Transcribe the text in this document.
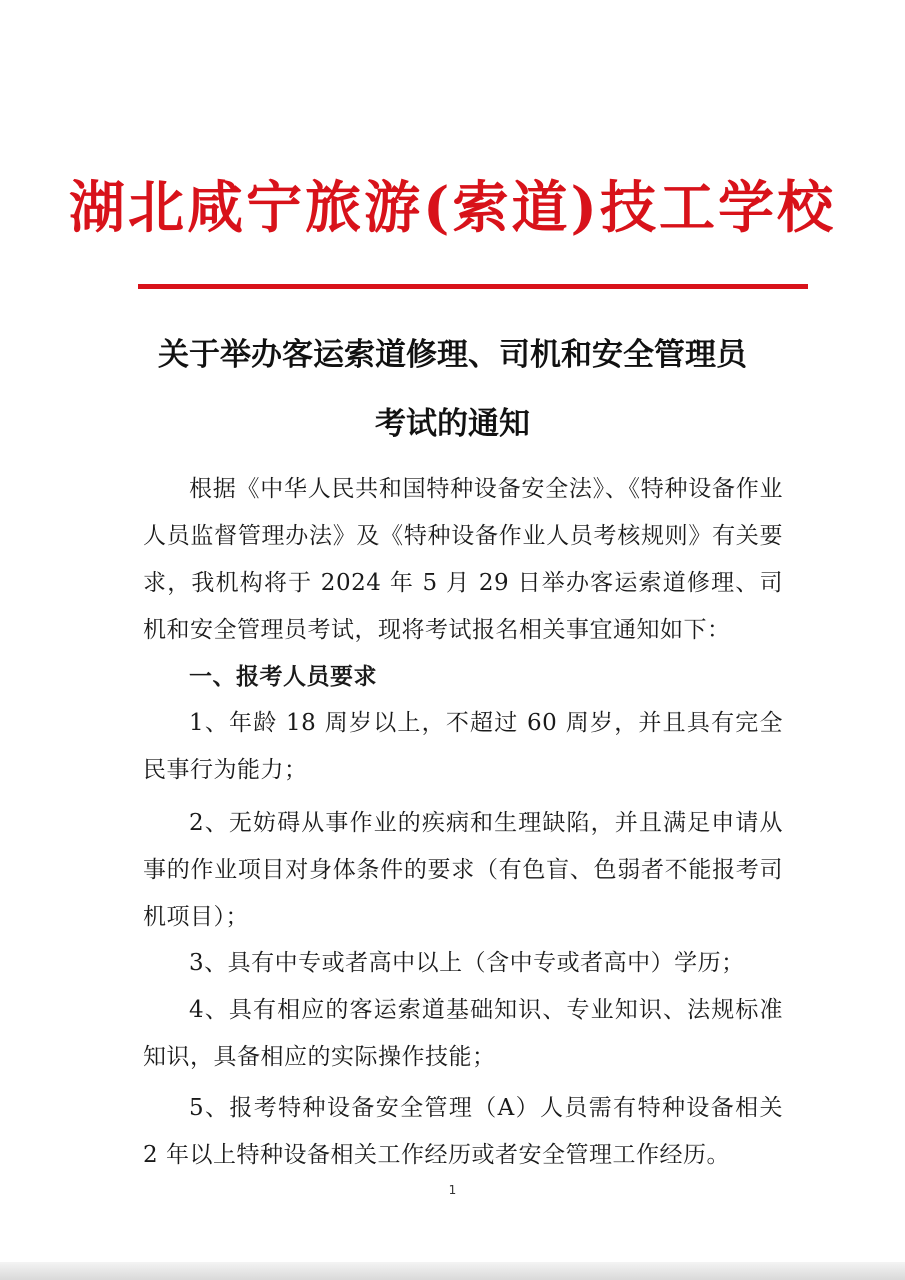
湖北咸宁旅游(索道)技工学校
关于举办客运索道修理、司机和安全管理员
考试的通知
根据《中华人民共和国特种设备安全法》、《特种设备作业人员监督管理办法》及《特种设备作业人员考核规则》有关要求，我机构将于 2024 年 5 月 29 日举办客运索道修理、司机和安全管理员考试，现将考试报名相关事宜通知如下：
一、报考人员要求
1、年龄 18 周岁以上，不超过 60 周岁，并且具有完全民事行为能力；
2、无妨碍从事作业的疾病和生理缺陷，并且满足申请从事的作业项目对身体条件的要求（有色盲、色弱者不能报考司机项目）；
3、具有中专或者高中以上（含中专或者高中）学历；
4、具有相应的客运索道基础知识、专业知识、法规标准知识，具备相应的实际操作技能；
5、报考特种设备安全管理（A）人员需有特种设备相关 2 年以上特种设备相关工作经历或者安全管理工作经历。
1
